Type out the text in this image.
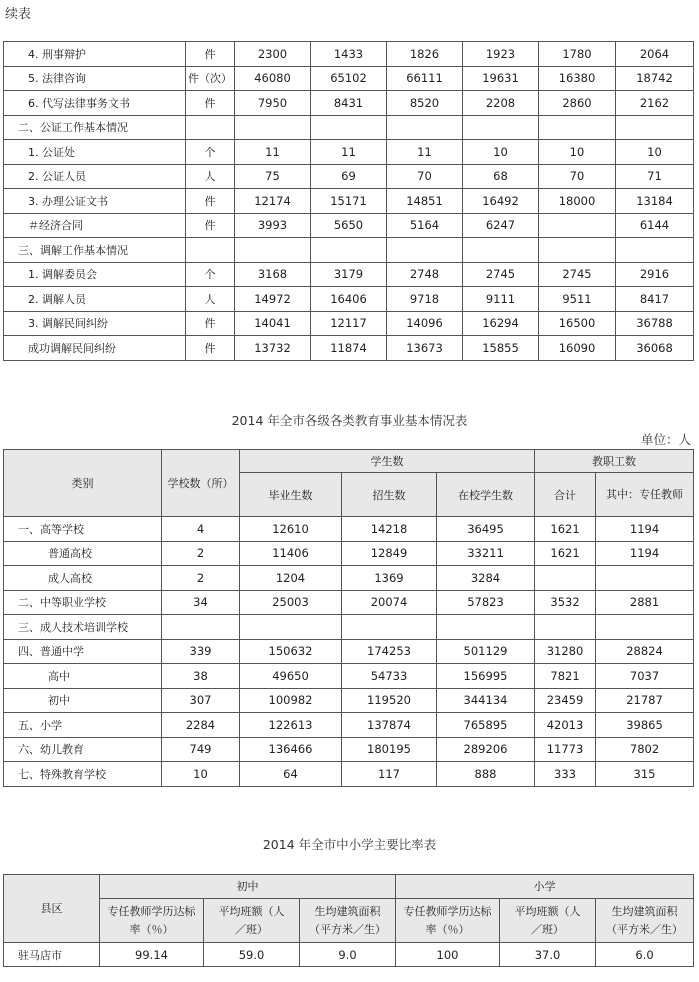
续表
4. 刑事辩护	件	2300	1433	1826	1923	1780	2064
5. 法律咨询	件（次）	46080	65102	66111	19631	16380	18742
6. 代写法律事务文书	件	7950	8431	8520	2208	2860	2162
二、公证工作基本情况							
1. 公证处	个	11	11	11	10	10	10
2. 公证人员	人	75	69	70	68	70	71
3. 办理公证文书	件	12174	15171	14851	16492	18000	13184
＃经济合同	件	3993	5650	5164	6247		6144
三、调解工作基本情况							
1. 调解委员会	个	3168	3179	2748	2745	2745	2916
2. 调解人员	人	14972	16406	9718	9111	9511	8417
3. 调解民间纠纷	件	14041	12117	14096	16294	16500	36788
成功调解民间纠纷	件	13732	11874	13673	15855	16090	36068
2014 年全市各级各类教育事业基本情况表
单位：人
类别	学校数（所）	学生数			教职工数	
		毕业生数	招生数	在校学生数	合计	其中：专任教师
一、高等学校	4	12610	14218	36495	1621	1194
普通高校	2	11406	12849	33211	1621	1194
成人高校	2	1204	1369	3284		
二、中等职业学校	34	25003	20074	57823	3532	2881
三、成人技术培训学校						
四、普通中学	339	150632	174253	501129	31280	28824
高中	38	49650	54733	156995	7821	7037
初中	307	100982	119520	344134	23459	21787
五、小学	2284	122613	137874	765895	42013	39865
六、幼儿教育	749	136466	180195	289206	11773	7802
七、特殊教育学校	10	64	117	888	333	315
2014 年全市中小学主要比率表
县区	初中			小学		
	专任教师学历达标率（％）	平均班额（人／班）	生均建筑面积（平方米／生）	专任教师学历达标率（％）	平均班额（人／班）	生均建筑面积（平方米／生）
驻马店市	99.14	59.0	9.0	100	37.0	6.0
